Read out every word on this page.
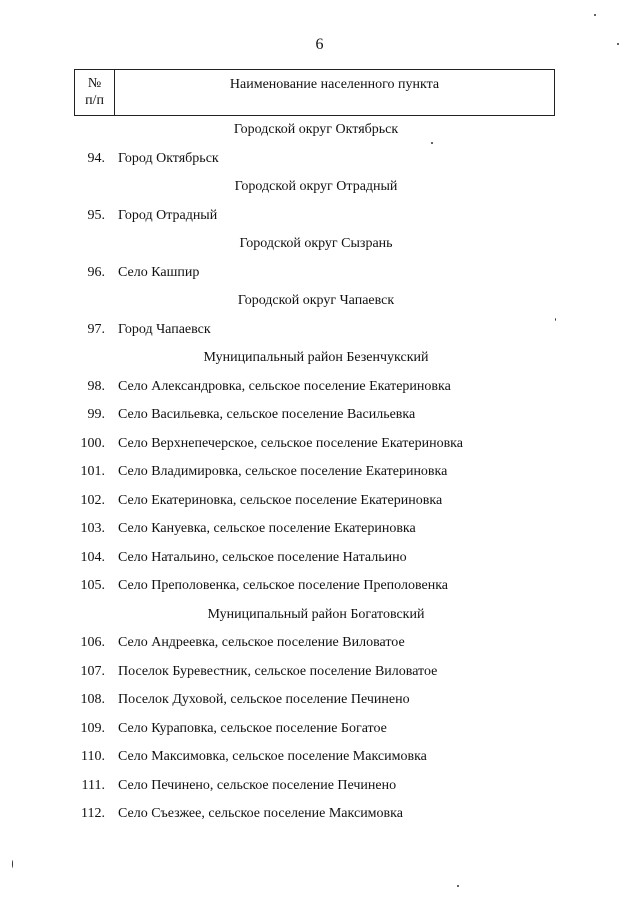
6
№
п/п
Наименование населенного пункта
Городской округ Октябрьск
94. Город Октябрьск
Городской округ Отрадный
95. Город Отрадный
Городской округ Сызрань
96. Село Кашпир
Городской округ Чапаевск
97. Город Чапаевск
Муниципальный район Безенчукский
98. Село Александровка, сельское поселение Екатериновка
99. Село Васильевка, сельское поселение Васильевка
100. Село Верхнепечерское, сельское поселение Екатериновка
101. Село Владимировка, сельское поселение Екатериновка
102. Село Екатериновка, сельское поселение Екатериновка
103. Село Кануевка, сельское поселение Екатериновка
104. Село Натальино, сельское поселение Натальино
105. Село Преполовенка, сельское поселение Преполовенка
Муниципальный район Богатовский
106. Село Андреевка, сельское поселение Виловатое
107. Поселок Буревестник, сельское поселение Виловатое
108. Поселок Духовой, сельское поселение Печинено
109. Село Кураповка, сельское поселение Богатое
110. Село Максимовка, сельское поселение Максимовка
111. Село Печинено, сельское поселение Печинено
112. Село Съезжее, сельское поселение Максимовка
